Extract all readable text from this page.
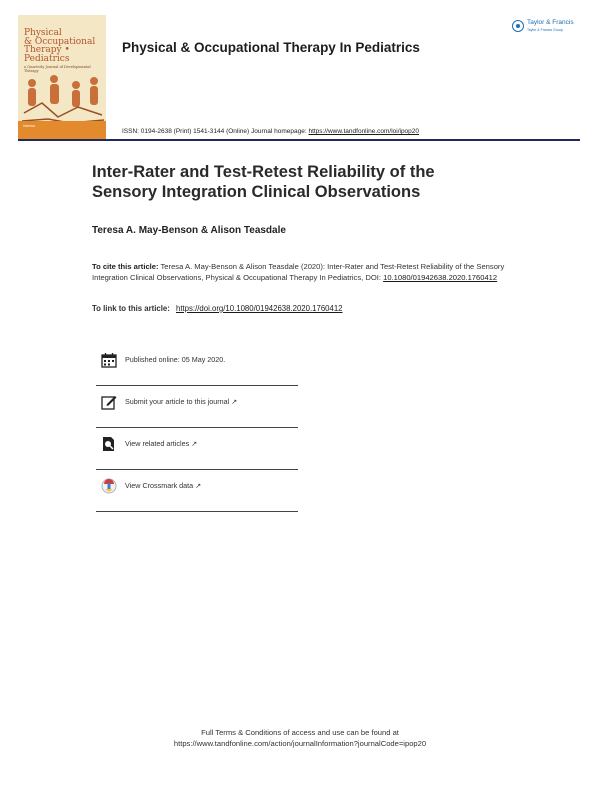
Physical
& Occupational
Therapy • Pediatrics
a Quarterly Journal of Developmental Therapy
informa
Physical & Occupational Therapy In Pediatrics
Taylor & Francis
Taylor & Francis Group
ISSN: 0194-2638 (Print) 1541-3144 (Online) Journal homepage: https://www.tandfonline.com/loi/ipop20
Inter-Rater and Test-Retest Reliability of the
Sensory Integration Clinical Observations
Teresa A. May-Benson & Alison Teasdale
To cite this article: Teresa A. May-Benson & Alison Teasdale (2020): Inter-Rater and Test-Retest Reliability of the Sensory Integration Clinical Observations, Physical & Occupational Therapy In Pediatrics, DOI: 10.1080/01942638.2020.1760412
To link to this article: https://doi.org/10.1080/01942638.2020.1760412
Published online: 05 May 2020.
Submit your article to this journal ↗
View related articles ↗
View Crossmark data ↗
Full Terms & Conditions of access and use can be found at
https://www.tandfonline.com/action/journalInformation?journalCode=ipop20
